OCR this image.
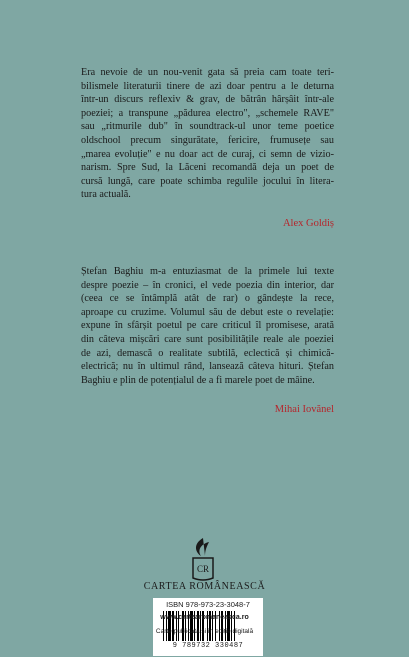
Era nevoie de un nou-venit gata să preia cam toate teri-

bilismele literaturii tinere de azi doar pentru a le deturna

într-un discurs reflexiv & grav, de bătrân hârșâit într-ale

poeziei; a transpune „pădurea electro", „schemele RAVE"

sau „ritmurile dub" în soundtrack-ul unor teme poetice

oldschool precum singurătate, fericire, frumusețe sau

„marea evoluție" e nu doar act de curaj, ci semn de vizio-

narism. Spre Sud, la Lăceni recomandă deja un poet de

cursă lungă, care poate schimba regulile jocului în litera-

tura actuală.

Alex Goldiș

Ștefan Baghiu m-a entuziasmat de la primele lui texte

despre poezie – în cronici, el vede poezia din interior, dar

(ceea ce se întâmplă atât de rar) o gândește la rece,

aproape cu cruzime. Volumul său de debut este o revelație:

expune în sfârșit poetul pe care criticul îl promisese, arată

din câteva mișcări care sunt posibilitățile reale ale poeziei

de azi, demască o realitate subtilă, eclectică și chimică-

electrică; nu în ultimul rând, lansează câteva hituri. Ștefan

Baghiu e plin de potențialul de a fi marele poet de mâine.

Mihai Iovănel
CR
CARTEA ROMÂNEASCĂ
ISBN 978-973-23-3048-7
9 789732 330487
www.cartearomaneasca.ro
Carte publicată și în ediție digitală
